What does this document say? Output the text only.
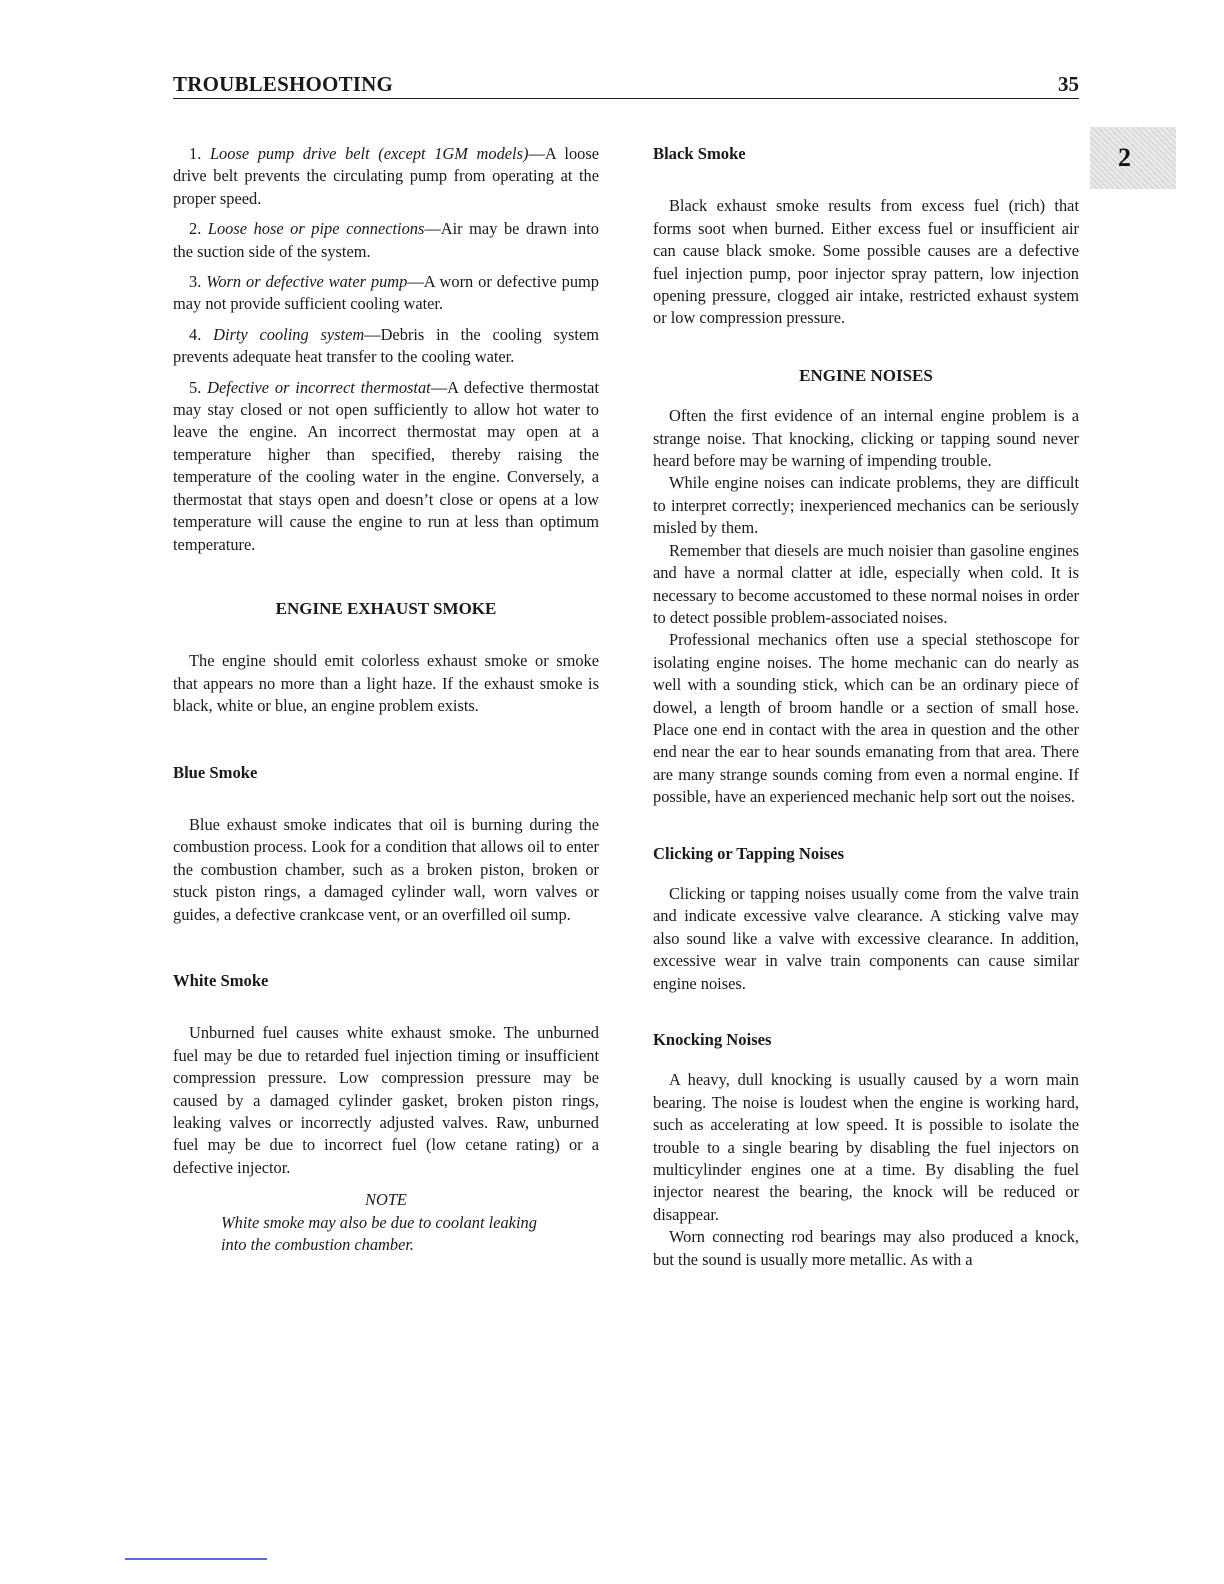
TROUBLESHOOTING	35
2

1. Loose pump drive belt (except 1GM models)—A loose drive belt prevents the circulating pump from operating at the proper speed.

2. Loose hose or pipe connections—Air may be drawn into the suction side of the system.

3. Worn or defective water pump—A worn or defective pump may not provide sufficient cooling water.

4. Dirty cooling system—Debris in the cooling system prevents adequate heat transfer to the cooling water.

5. Defective or incorrect thermostat—A defective thermostat may stay closed or not open sufficiently to allow hot water to leave the engine. An incorrect thermostat may open at a temperature higher than specified, thereby raising the temperature of the cooling water in the engine. Conversely, a thermostat that stays open and doesn’t close or opens at a low temperature will cause the engine to run at less than optimum temperature.

ENGINE EXHAUST SMOKE

The engine should emit colorless exhaust smoke or smoke that appears no more than a light haze. If the exhaust smoke is black, white or blue, an engine problem exists.

Blue Smoke

Blue exhaust smoke indicates that oil is burning during the combustion process. Look for a condition that allows oil to enter the combustion chamber, such as a broken piston, broken or stuck piston rings, a damaged cylinder wall, worn valves or guides, a defective crankcase vent, or an overfilled oil sump.

White Smoke

Unburned fuel causes white exhaust smoke. The unburned fuel may be due to retarded fuel injection timing or insufficient compression pressure. Low compression pressure may be caused by a damaged cylinder gasket, broken piston rings, leaking valves or incorrectly adjusted valves. Raw, unburned fuel may be due to incorrect fuel (low cetane rating) or a defective injector.

NOTE

White smoke may also be due to coolant leaking into the combustion chamber.

Black Smoke

Black exhaust smoke results from excess fuel (rich) that forms soot when burned. Either excess fuel or insufficient air can cause black smoke. Some possible causes are a defective fuel injection pump, poor injector spray pattern, low injection opening pressure, clogged air intake, restricted exhaust system or low compression pressure.

ENGINE NOISES

Often the first evidence of an internal engine problem is a strange noise. That knocking, clicking or tapping sound never heard before may be warning of impending trouble.

While engine noises can indicate problems, they are difficult to interpret correctly; inexperienced mechanics can be seriously misled by them.

Remember that diesels are much noisier than gasoline engines and have a normal clatter at idle, especially when cold. It is necessary to become accustomed to these normal noises in order to detect possible problem-associated noises.

Professional mechanics often use a special stethoscope for isolating engine noises. The home mechanic can do nearly as well with a sounding stick, which can be an ordinary piece of dowel, a length of broom handle or a section of small hose. Place one end in contact with the area in question and the other end near the ear to hear sounds emanating from that area. There are many strange sounds coming from even a normal engine. If possible, have an experienced mechanic help sort out the noises.

Clicking or Tapping Noises

Clicking or tapping noises usually come from the valve train and indicate excessive valve clearance. A sticking valve may also sound like a valve with excessive clearance. In addition, excessive wear in valve train components can cause similar engine noises.

Knocking Noises

A heavy, dull knocking is usually caused by a worn main bearing. The noise is loudest when the engine is working hard, such as accelerating at low speed. It is possible to isolate the trouble to a single bearing by disabling the fuel injectors on multicylinder engines one at a time. By disabling the fuel injector nearest the bearing, the knock will be reduced or disappear.

Worn connecting rod bearings may also produced a knock, but the sound is usually more metallic. As with a
